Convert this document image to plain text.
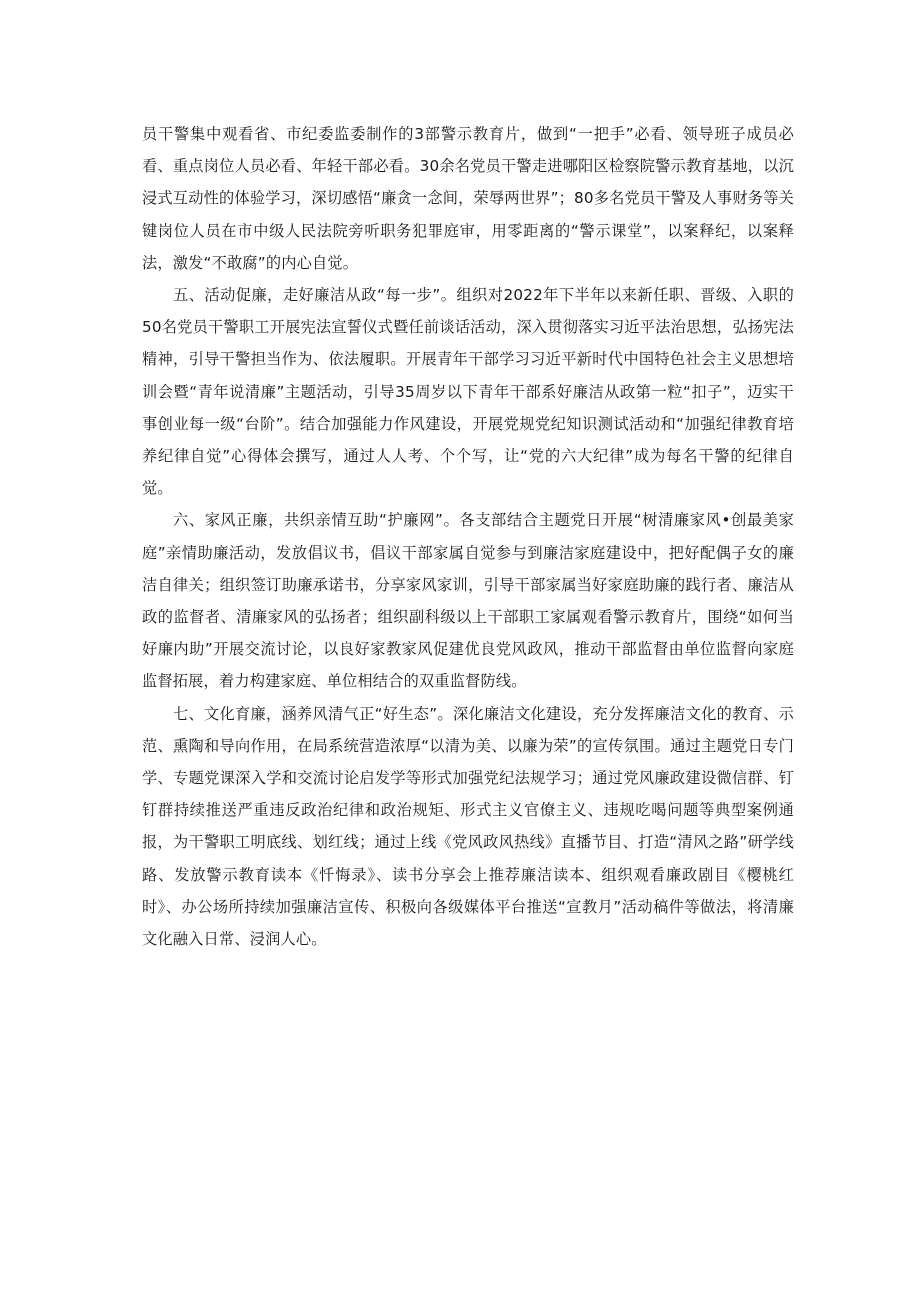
员干警集中观看省、市纪委监委制作的3部警示教育片，做到“一把手”必看、领导班子成员必看、重点岗位人员必看、年轻干部必看。30余名党员干警走进哪阳区检察院警示教育基地，以沉浸式互动性的体验学习，深切感悟“廉贪一念间，荣辱两世界”；80多名党员干警及人事财务等关键岗位人员在市中级人民法院旁听职务犯罪庭审，用零距离的“警示课堂”，以案释纪，以案释法，激发“不敢腐”的内心自觉。

五、活动促廉，走好廉洁从政“每一步”。组织对2022年下半年以来新任职、晋级、入职的50名党员干警职工开展宪法宣誓仪式暨任前谈话活动，深入贯彻落实习近平法治思想，弘扬宪法精神，引导干警担当作为、依法履职。开展青年干部学习习近平新时代中国特色社会主义思想培训会暨“青年说清廉”主题活动，引导35周岁以下青年干部系好廉洁从政第一粒“扣子”，迈实干事创业每一级“台阶”。结合加强能力作风建设，开展党规党纪知识测试活动和“加强纪律教育培养纪律自觉”心得体会撰写，通过人人考、个个写，让“党的六大纪律”成为每名干警的纪律自觉。

六、家风正廉，共织亲情互助“护廉网”。各支部结合主题党日开展“树清廉家风•创最美家庭”亲情助廉活动，发放倡议书，倡议干部家属自觉参与到廉洁家庭建设中，把好配偶子女的廉洁自律关；组织签订助廉承诺书，分享家风家训，引导干部家属当好家庭助廉的践行者、廉洁从政的监督者、清廉家风的弘扬者；组织副科级以上干部职工家属观看警示教育片，围绕“如何当好廉内助”开展交流讨论，以良好家教家风促建优良党风政风，推动干部监督由单位监督向家庭监督拓展，着力构建家庭、单位相结合的双重监督防线。

七、文化育廉，涵养风清气正“好生态”。深化廉洁文化建设，充分发挥廉洁文化的教育、示范、熏陶和导向作用，在局系统营造浓厚“以清为美、以廉为荣”的宣传氛围。通过主题党日专门学、专题党课深入学和交流讨论启发学等形式加强党纪法规学习；通过党风廉政建设微信群、钉钉群持续推送严重违反政治纪律和政治规矩、形式主义官僚主义、违规吃喝问题等典型案例通报，为干警职工明底线、划红线；通过上线《党风政风热线》直播节目、打造“清风之路”研学线路、发放警示教育读本《忏悔录》、读书分享会上推荐廉洁读本、组织观看廉政剧目《樱桃红时》、办公场所持续加强廉洁宣传、积极向各级媒体平台推送“宣教月”活动稿件等做法，将清廉文化融入日常、浸润人心。
